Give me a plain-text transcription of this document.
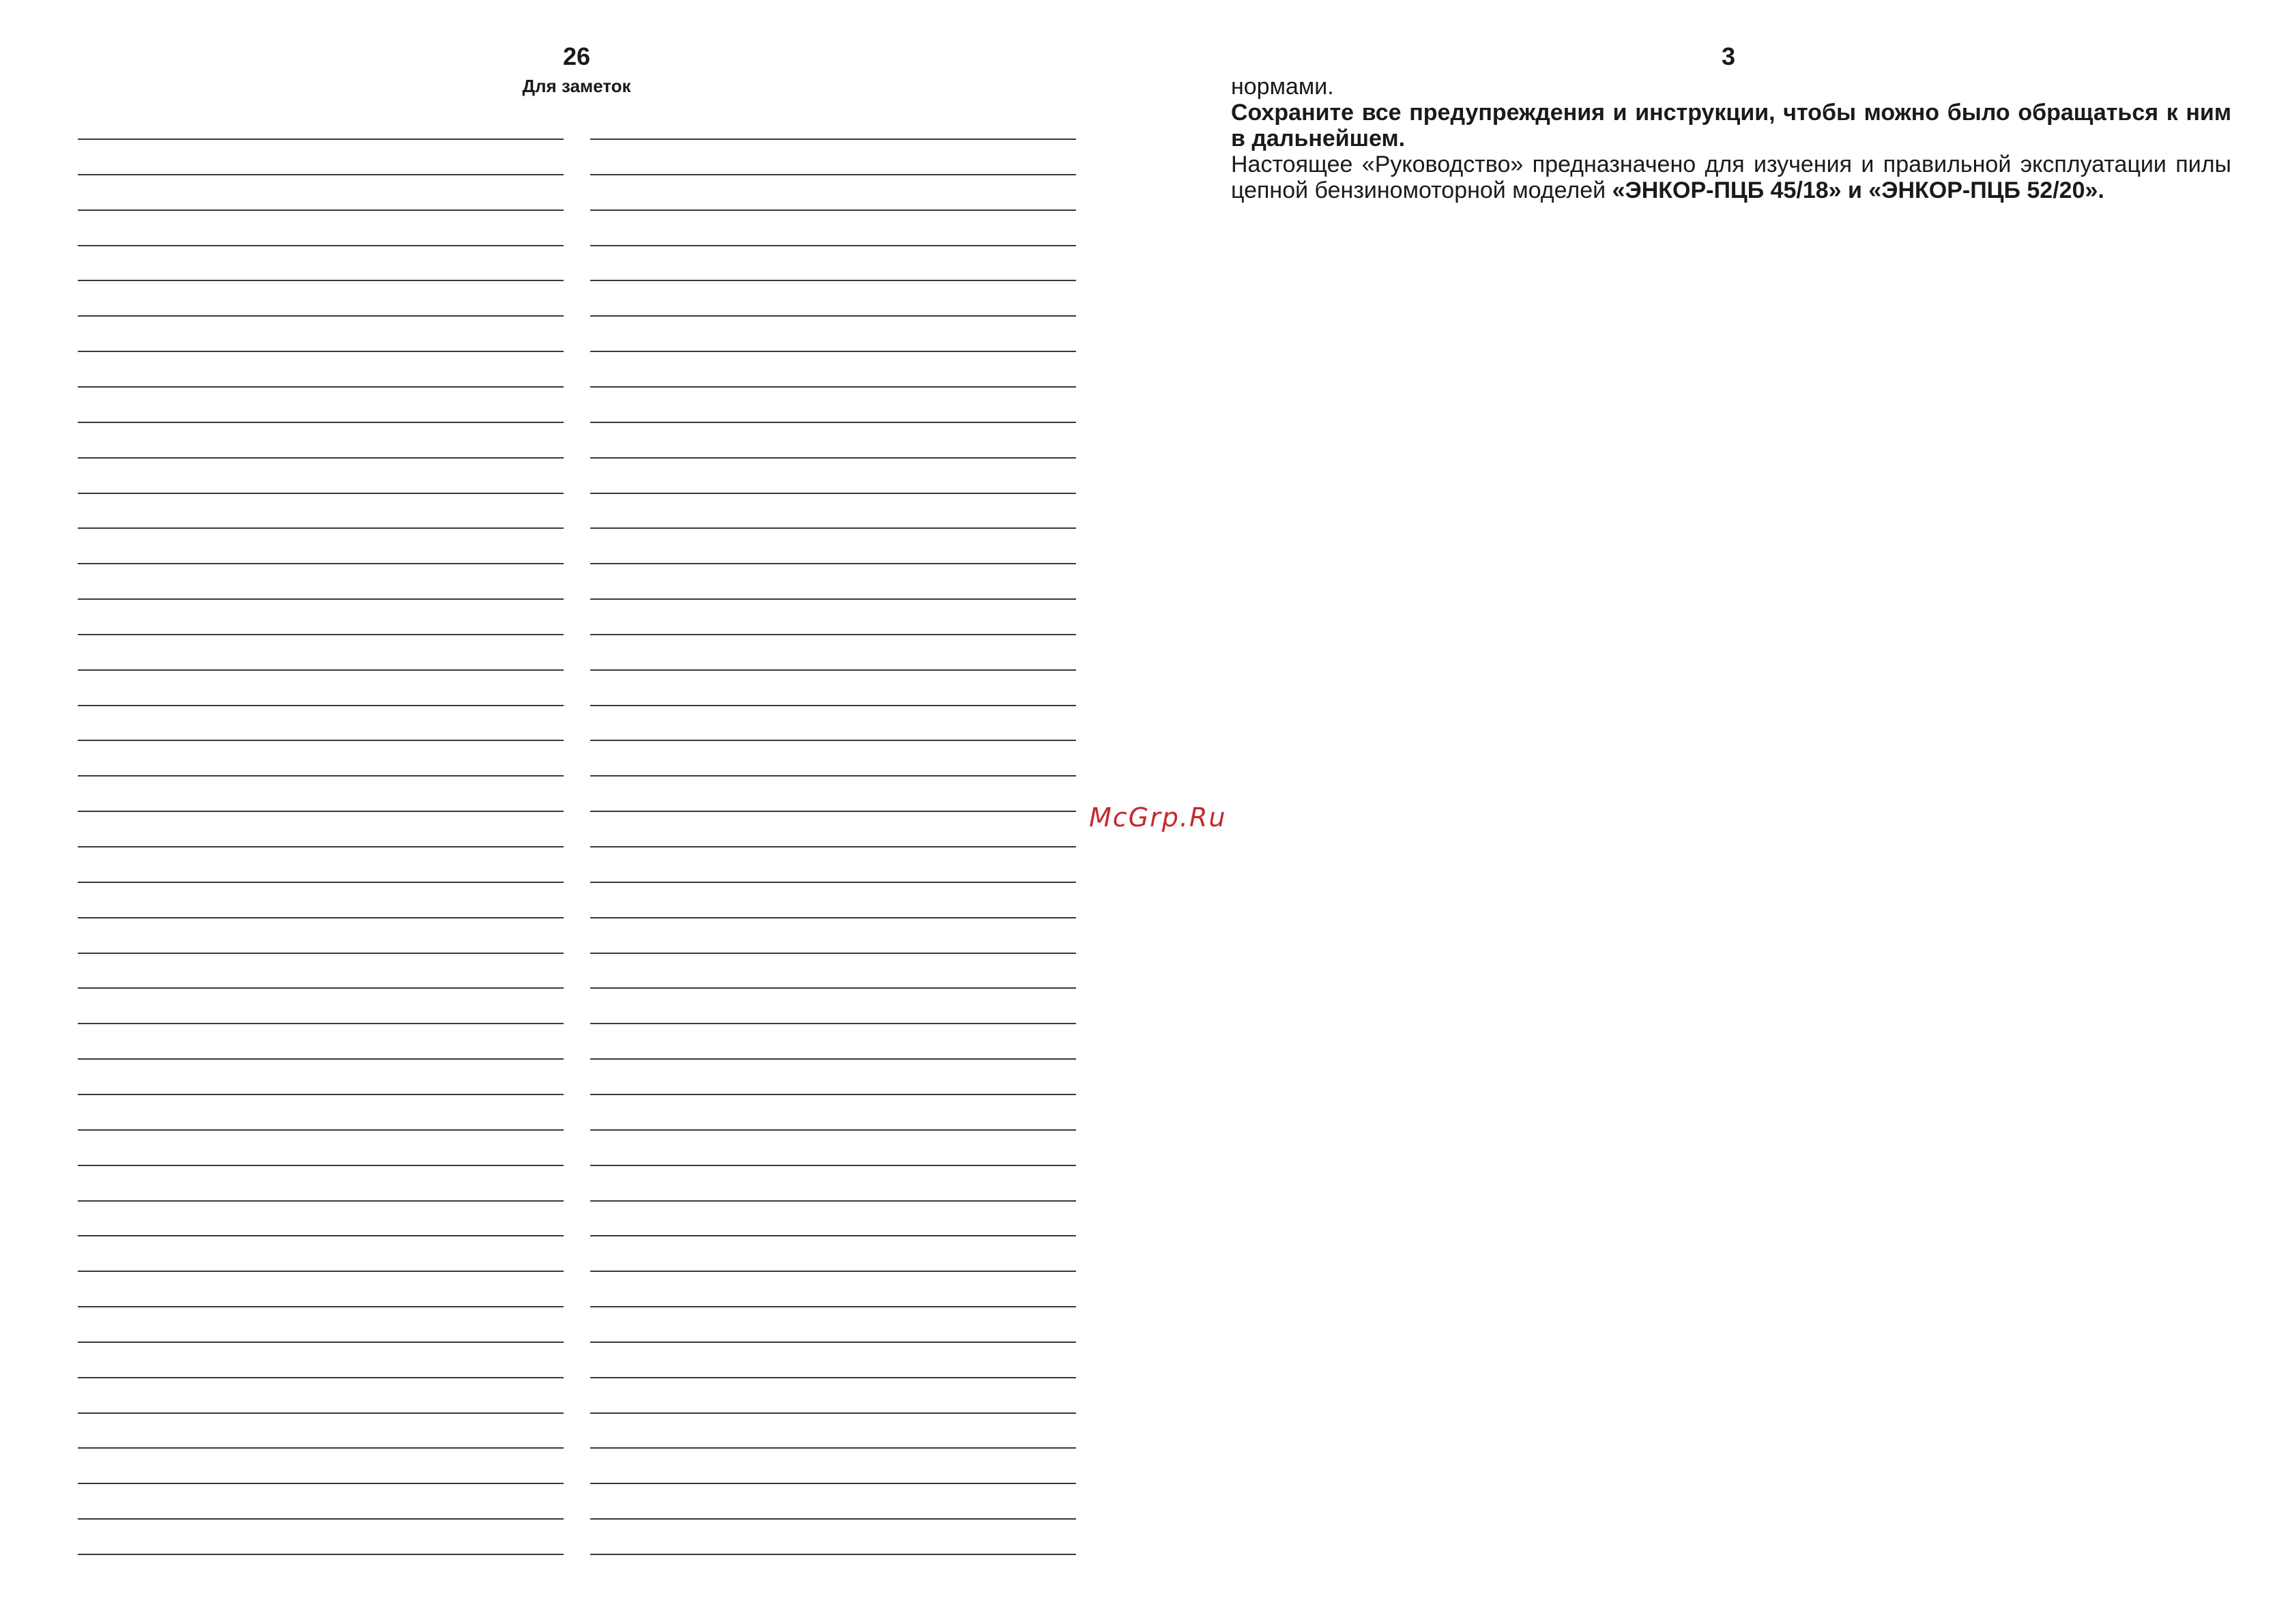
26
Для заметок
McGrp.Ru
3

нормами.

Сохраните все предупреждения и инструкции, чтобы можно было обращаться к ним в дальнейшем.

Настоящее «Руководство» предназначено для изучения и правильной эксплуатации пилы цепной бензиномоторной моделей «ЭНКОР-ПЦБ 45/18» и «ЭНКОР-ПЦБ 52/20».
